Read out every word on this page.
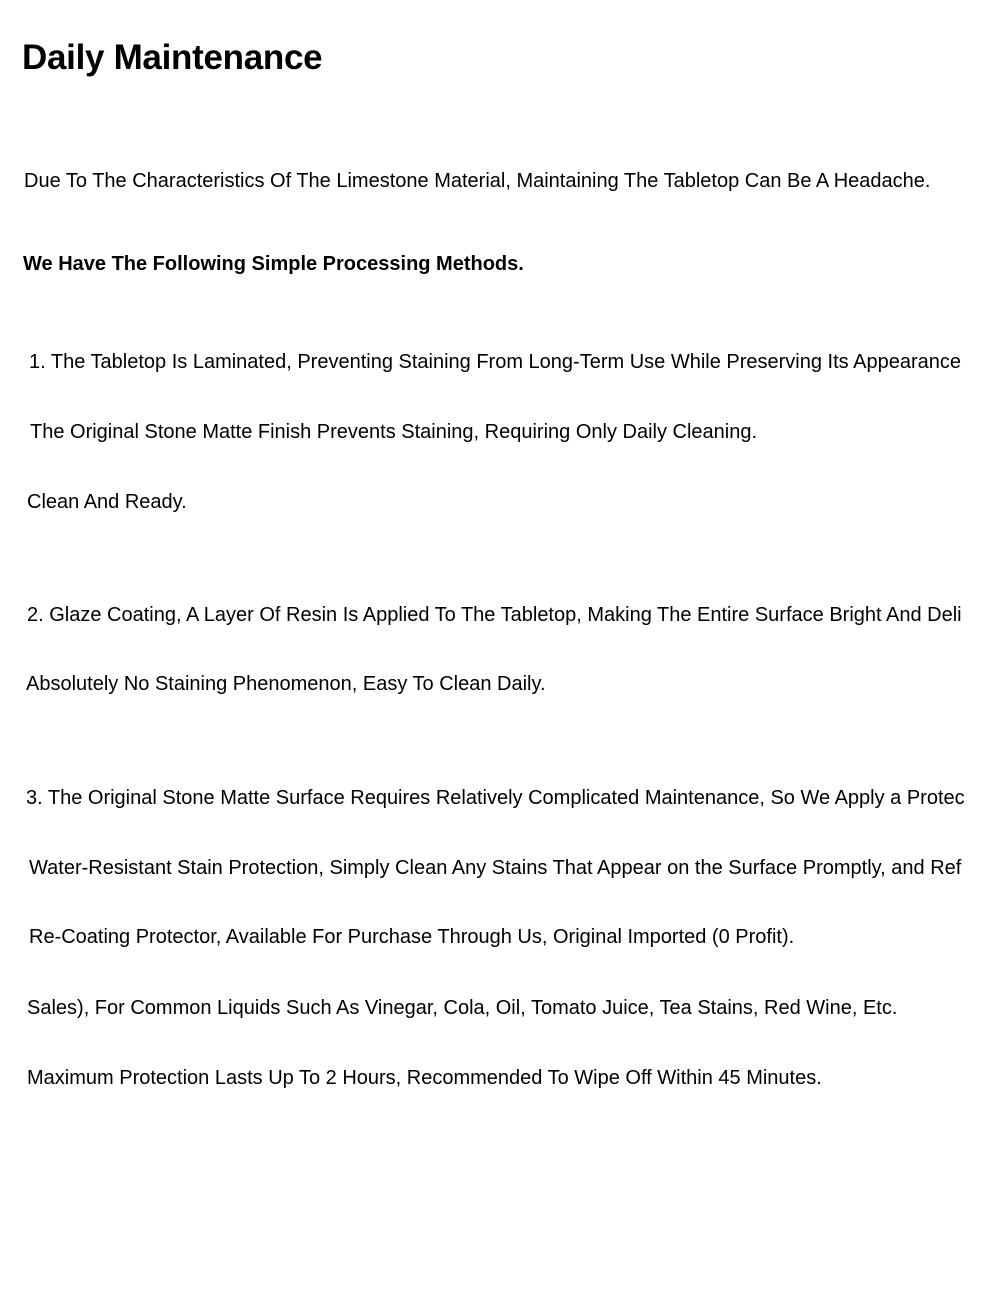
Daily Maintenance

Due To The Characteristics Of The Limestone Material, Maintaining The Tabletop Can Be A Headache.

We Have The Following Simple Processing Methods.

1. The Tabletop Is Laminated, Preventing Staining From Long-Term Use While Preserving Its Appearance

The Original Stone Matte Finish Prevents Staining, Requiring Only Daily Cleaning.

Clean And Ready.

2. Glaze Coating, A Layer Of Resin Is Applied To The Tabletop, Making The Entire Surface Bright And Deli

Absolutely No Staining Phenomenon, Easy To Clean Daily.

3. The Original Stone Matte Surface Requires Relatively Complicated Maintenance, So We Apply a Protec

Water-Resistant Stain Protection, Simply Clean Any Stains That Appear on the Surface Promptly, and Ref

Re-Coating Protector, Available For Purchase Through Us, Original Imported (0 Profit).

Sales), For Common Liquids Such As Vinegar, Cola, Oil, Tomato Juice, Tea Stains, Red Wine, Etc.

Maximum Protection Lasts Up To 2 Hours, Recommended To Wipe Off Within 45 Minutes.
